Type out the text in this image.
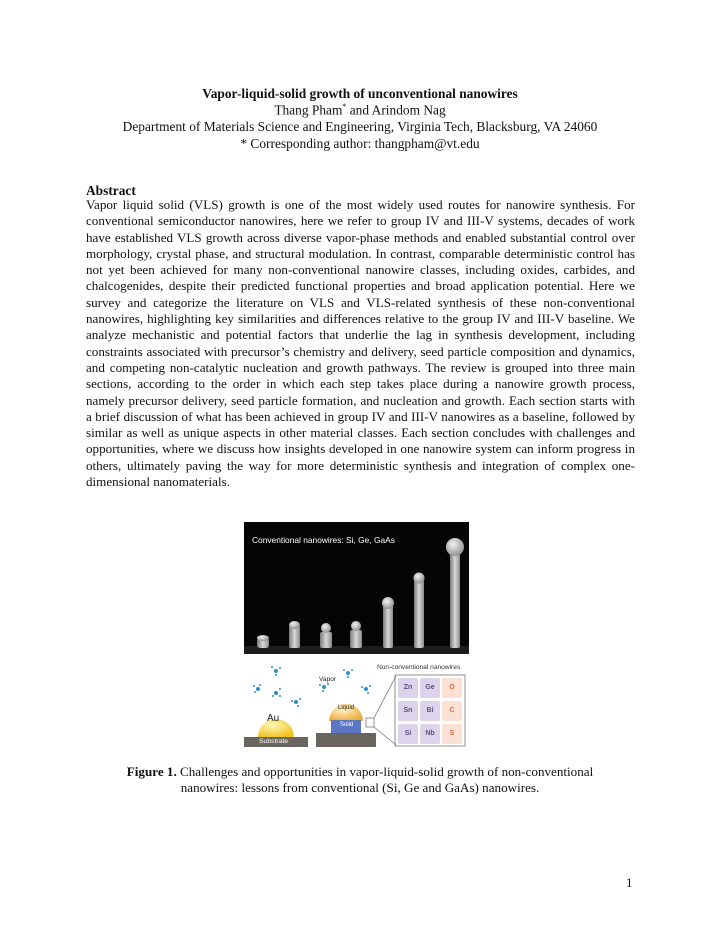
Vapor-liquid-solid growth of unconventional nanowires
Thang Pham* and Arindom Nag
Department of Materials Science and Engineering, Virginia Tech, Blacksburg, VA 24060
* Corresponding author: thangpham@vt.edu
Abstract

Vapor liquid solid (VLS) growth is one of the most widely used routes for nanowire synthesis. For conventional semiconductor nanowires, here we refer to group IV and III-V systems, decades of work have established VLS growth across diverse vapor-phase methods and enabled substantial control over morphology, crystal phase, and structural modulation. In contrast, comparable deterministic control has not yet been achieved for many non-conventional nanowire classes, including oxides, carbides, and chalcogenides, despite their predicted functional properties and broad application potential. Here we survey and categorize the literature on VLS and VLS-related synthesis of these non-conventional nanowires, highlighting key similarities and differences relative to the group IV and III-V baseline. We analyze mechanistic and potential factors that underlie the lag in synthesis development, including constraints associated with precursor’s chemistry and delivery, seed particle composition and dynamics, and competing non-catalytic nucleation and growth pathways. The review is grouped into three main sections, according to the order in which each step takes place during a nanowire growth process, namely precursor delivery, seed particle formation, and nucleation and growth. Each section starts with a brief discussion of what has been achieved in group IV and III-V nanowires as a baseline, followed by similar as well as unique aspects in other material classes. Each section concludes with challenges and opportunities, where we discuss how insights developed in one nanowire system can inform progress in others, ultimately paving the way for more deterministic synthesis and integration of complex one-dimensional nanomaterials.

Conventional nanowires: Si, Ge, GaAs
Au
Substrate
Vapor
Liquid
Solid
Non-conventional nanowires
Zn	Ge	O
Sn	Bi	C
Si	Nb	S
Figure 1. Challenges and opportunities in vapor-liquid-solid growth of non-conventional
nanowires: lessons from conventional (Si, Ge and GaAs) nanowires.
1
